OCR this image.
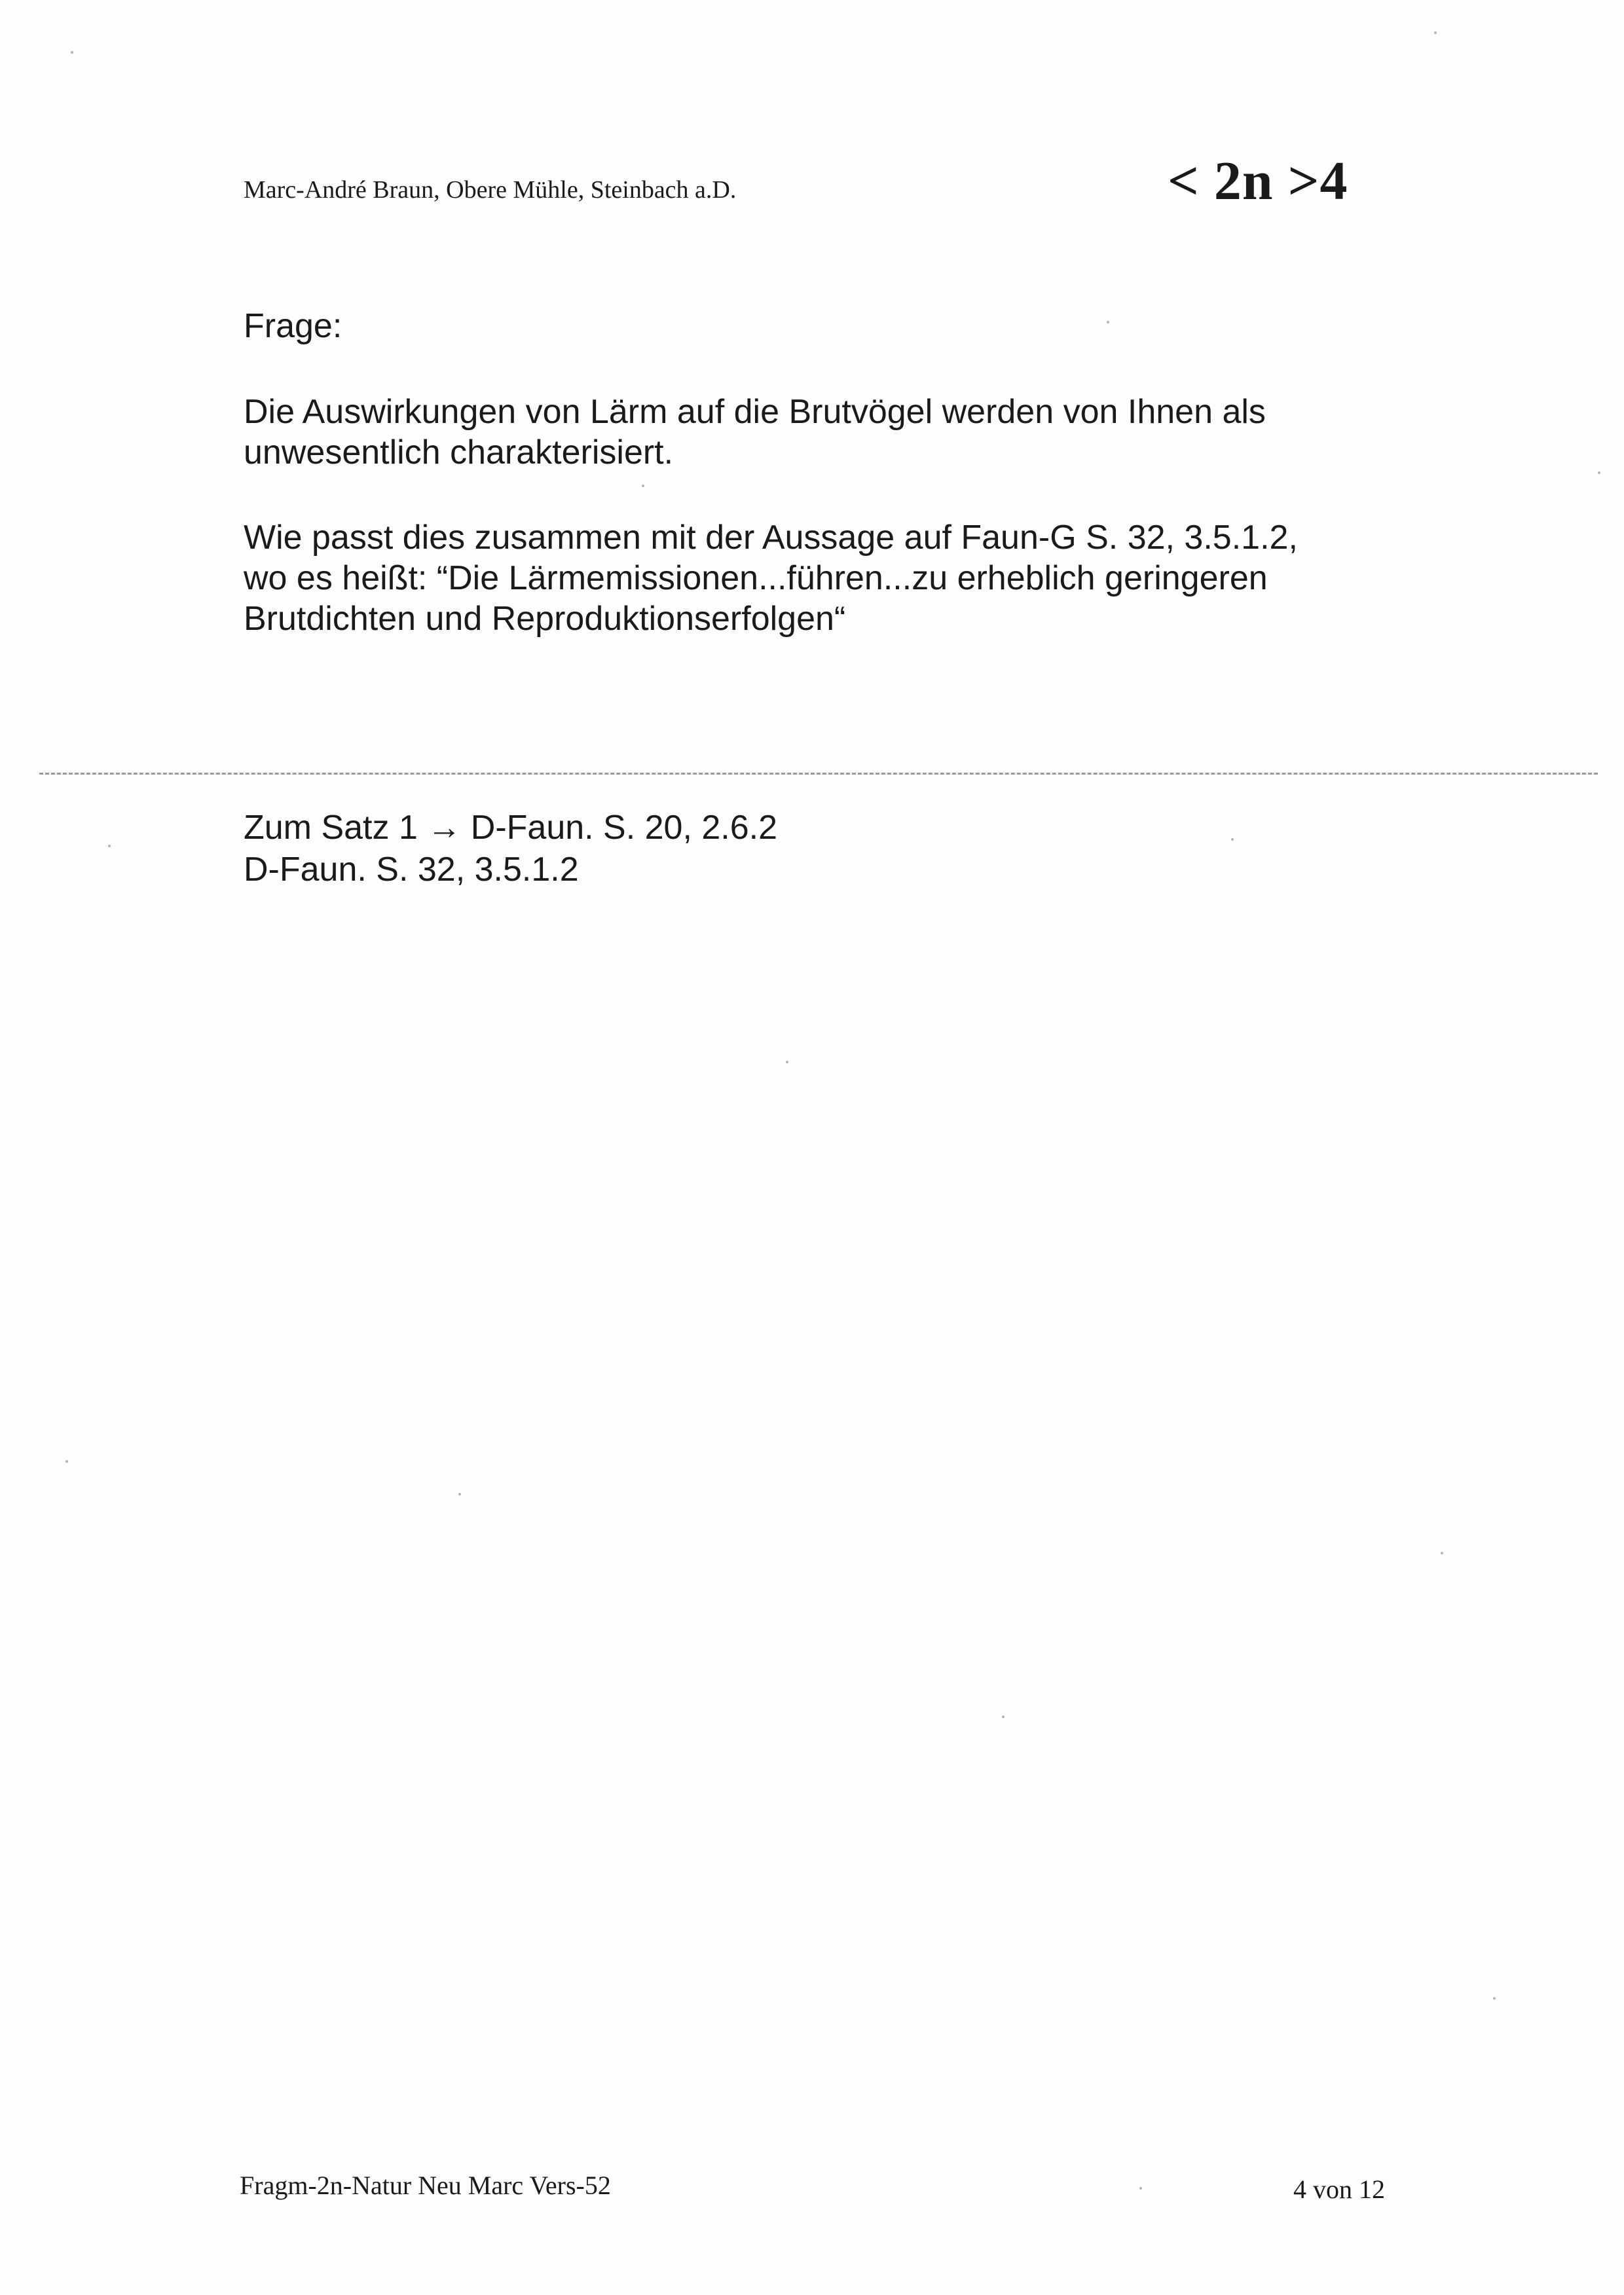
Marc-André Braun, Obere Mühle, Steinbach a.D.	< 2n >4
Frage:

Die Auswirkungen von Lärm auf die Brutvögel werden von Ihnen als

unwesentlich charakterisiert.

Wie passt dies zusammen mit der Aussage auf Faun-G S. 32, 3.5.1.2,

wo es heißt: “Die Lärmemissionen...führen...zu erheblich geringeren

Brutdichten und Reproduktionserfolgen“

Zum Satz 1 → D-Faun. S. 20, 2.6.2

D-Faun. S. 32, 3.5.1.2

Fragm-2n-Natur Neu Marc Vers-52	4 von 12
